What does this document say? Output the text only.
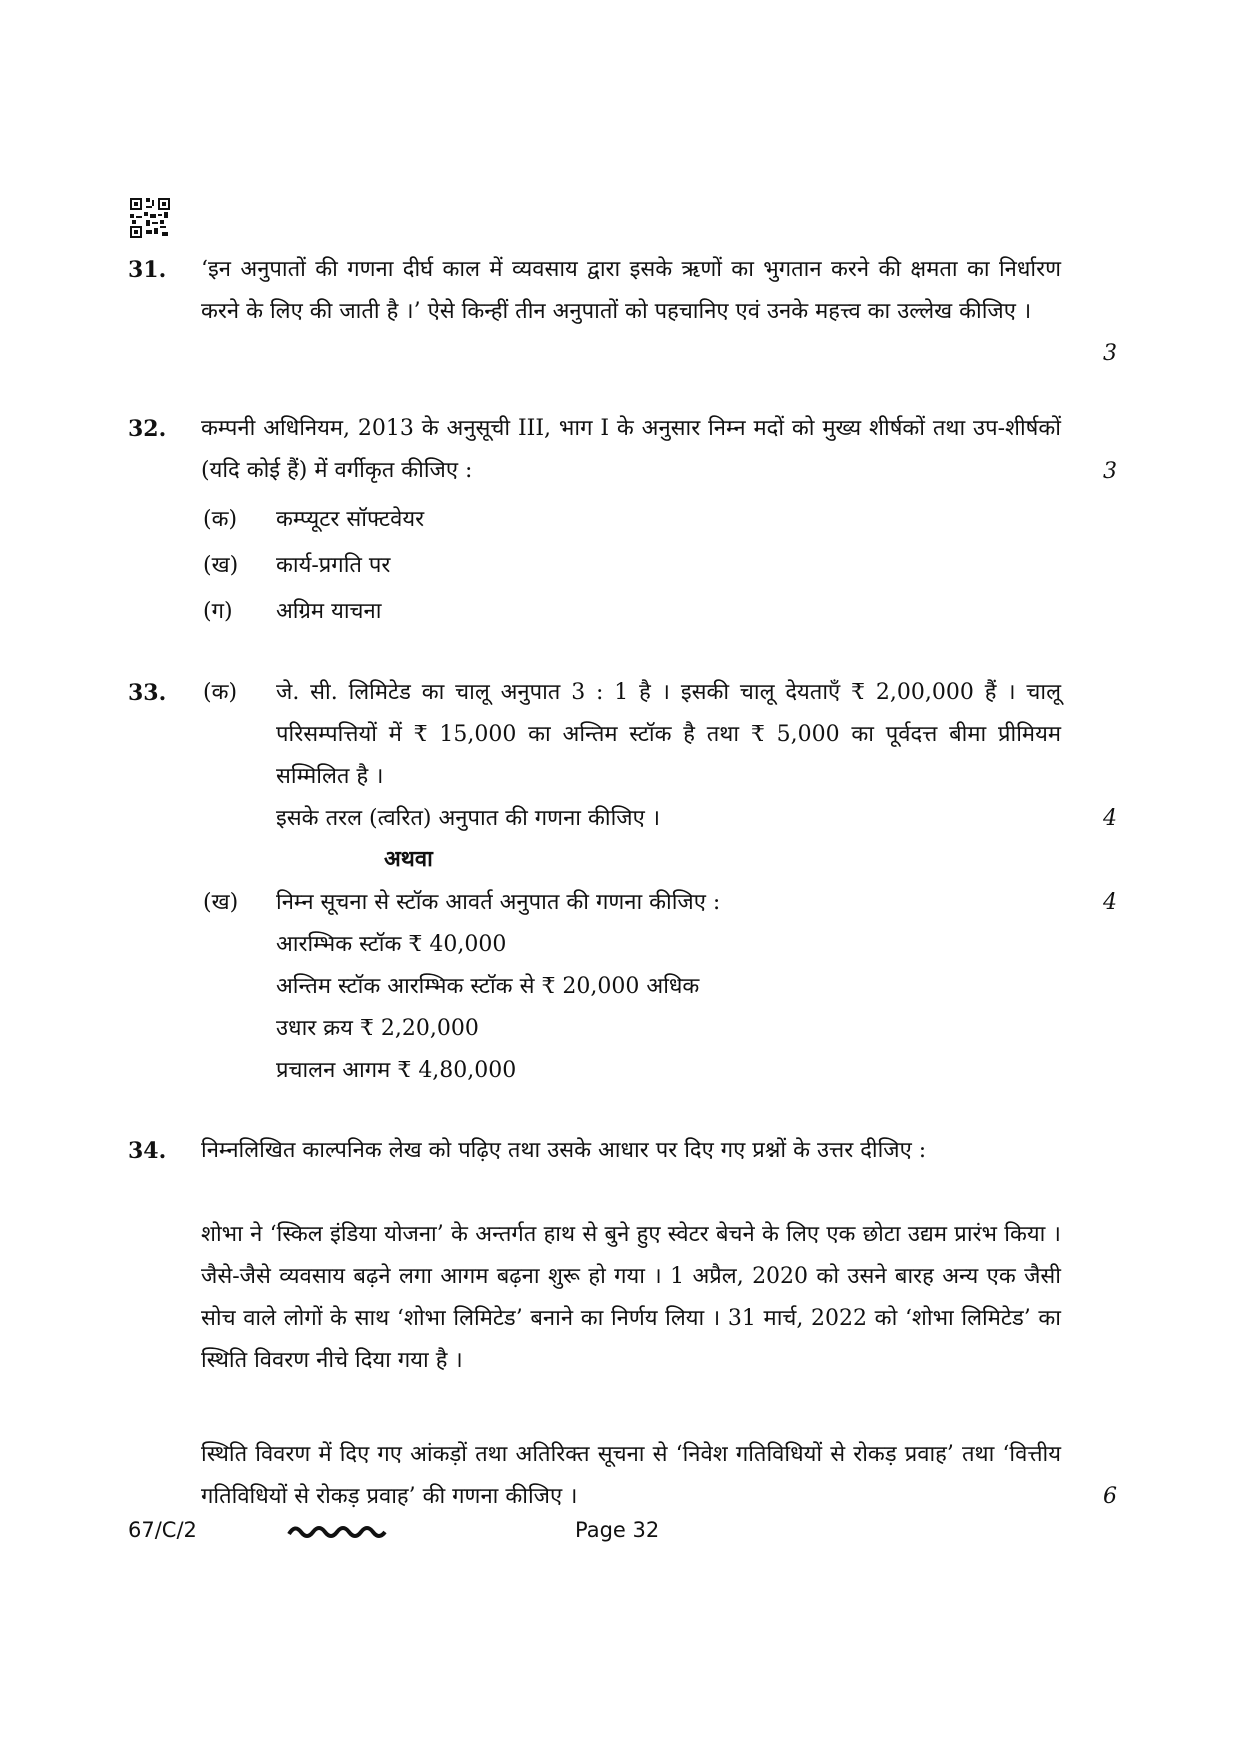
31. ‘इन अनुपातों की गणना दीर्घ काल में व्यवसाय द्वारा इसके ऋणों का भुगतान करने की क्षमता का निर्धारण करने के लिए की जाती है ।’ ऐसे किन्हीं तीन अनुपातों को पहचानिए एवं उनके महत्त्व का उल्लेख कीजिए ।
3
32. कम्पनी अधिनियम, 2013 के अनुसूची III, भाग I के अनुसार निम्न मदों को मुख्य शीर्षकों तथा उप-शीर्षकों (यदि कोई हैं) में वर्गीकृत कीजिए :	3
(क) कम्प्यूटर सॉफ्टवेयर
(ख) कार्य-प्रगति पर
(ग) अग्रिम याचना
33. (क) जे. सी. लिमिटेड का चालू अनुपात 3 : 1 है । इसकी चालू देयताएँ ₹ 2,00,000 हैं । चालू परिसम्पत्तियों में ₹ 15,000 का अन्तिम स्टॉक है तथा ₹ 5,000 का पूर्वदत्त बीमा प्रीमियम सम्मिलित है ।
इसके तरल (त्वरित) अनुपात की गणना कीजिए ।	4
अथवा
(ख) निम्न सूचना से स्टॉक आवर्त अनुपात की गणना कीजिए :	4
आरम्भिक स्टॉक ₹ 40,000
अन्तिम स्टॉक आरम्भिक स्टॉक से ₹ 20,000 अधिक
उधार क्रय ₹ 2,20,000
प्रचालन आगम ₹ 4,80,000
34. निम्नलिखित काल्पनिक लेख को पढ़िए तथा उसके आधार पर दिए गए प्रश्नों के उत्तर दीजिए :
शोभा ने ‘स्किल इंडिया योजना’ के अन्तर्गत हाथ से बुने हुए स्वेटर बेचने के लिए एक छोटा उद्यम प्रारंभ किया । जैसे-जैसे व्यवसाय बढ़ने लगा आगम बढ़ना शुरू हो गया । 1 अप्रैल, 2020 को उसने बारह अन्य एक जैसी सोच वाले लोगों के साथ ‘शोभा लिमिटेड’ बनाने का निर्णय लिया । 31 मार्च, 2022 को ‘शोभा लिमिटेड’ का स्थिति विवरण नीचे दिया गया है ।
स्थिति विवरण में दिए गए आंकड़ों तथा अतिरिक्त सूचना से ‘निवेश गतिविधियों से रोकड़ प्रवाह’ तथा ‘वित्तीय गतिविधियों से रोकड़ प्रवाह’ की गणना कीजिए ।	6
67/C/2	Page 32
